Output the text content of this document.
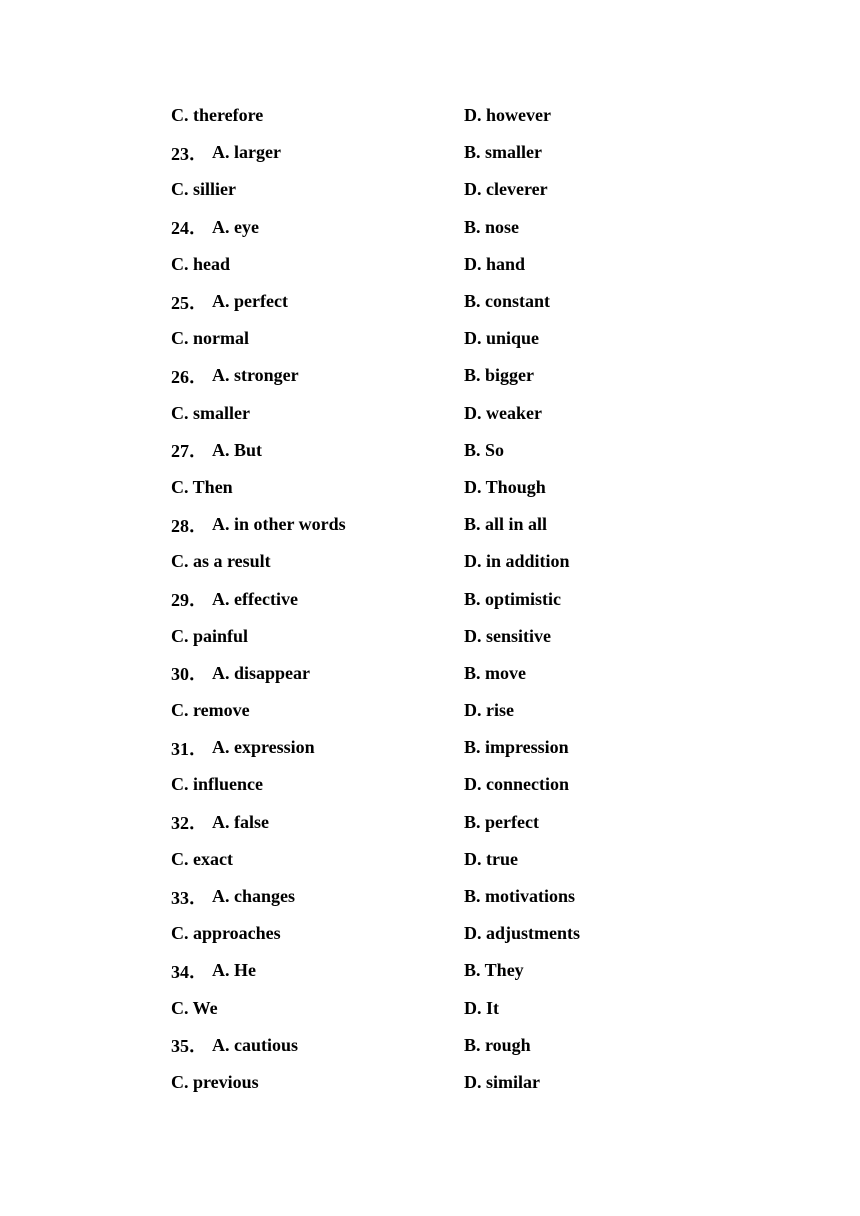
C. therefore	D. however
23． A. larger	B. smaller
C. sillier	D. cleverer
24． A. eye	B. nose
C. head	D. hand
25． A. perfect	B. constant
C. normal	D. unique
26． A. stronger	B. bigger
C. smaller	D. weaker
27． A. But	B. So
C. Then	D. Though
28． A. in other words	B. all in all
C. as a result	D. in addition
29． A. effective	B. optimistic
C. painful	D. sensitive
30． A. disappear	B. move
C. remove	D. rise
31． A. expression	B. impression
C. influence	D. connection
32． A. false	B. perfect
C. exact	D. true
33． A. changes	B. motivations
C. approaches	D. adjustments
34． A. He	B. They
C. We	D. It
35． A. cautious	B. rough
C. previous	D. similar
